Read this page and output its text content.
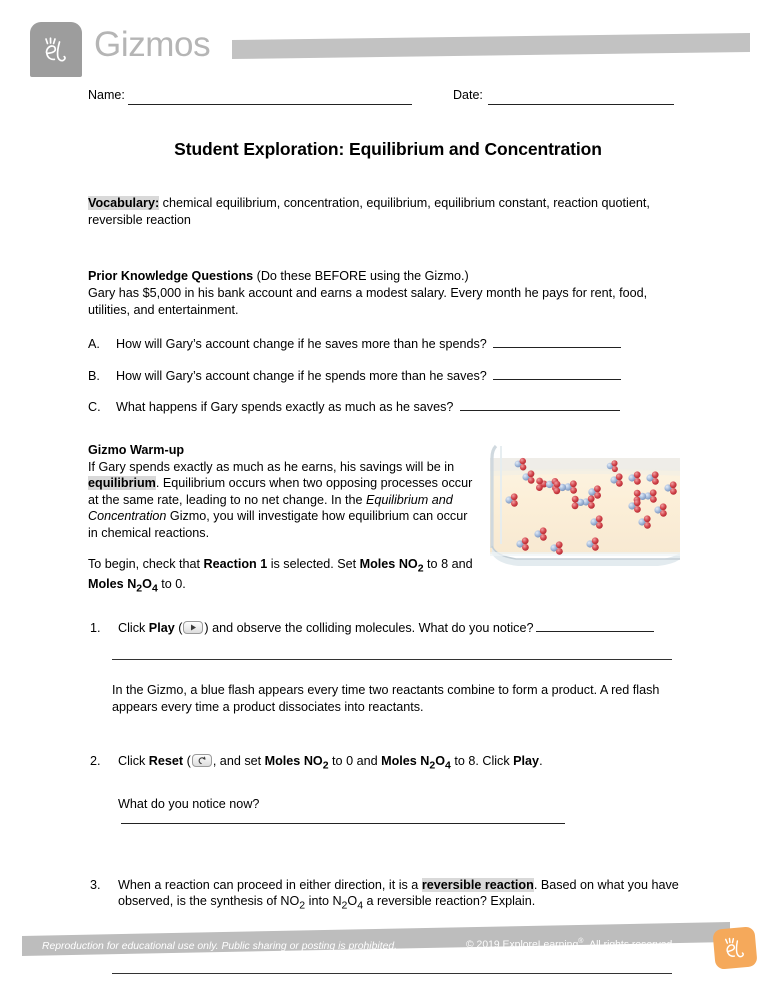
Gizmos
Name:	Date:
Student Exploration: Equilibrium and Concentration

Vocabulary: chemical equilibrium, concentration, equilibrium, equilibrium constant, reaction quotient, reversible reaction

Prior Knowledge Questions (Do these BEFORE using the Gizmo.)

Gary has $5,000 in his bank account and earns a modest salary. Every month he pays for rent, food, utilities, and entertainment.

A. How will Gary’s account change if he saves more than he spends?
B. How will Gary’s account change if he spends more than he saves?
C. What happens if Gary spends exactly as much as he saves?

Gizmo Warm-up

If Gary spends exactly as much as he earns, his savings will be in equilibrium. Equilibrium occurs when two opposing processes occur at the same rate, leading to no net change. In the Equilibrium and Concentration Gizmo, you will investigate how equilibrium can occur in chemical reactions.

To begin, check that Reaction 1 is selected. Set Moles $NO_2$ to 8 and Moles $N_2O_4$ to 0.

1. Click Play ( ) and observe the colliding molecules. What do you notice?

In the Gizmo, a blue flash appears every time two reactants combine to form a product. A red flash appears every time a product dissociates into reactants.

2. Click Reset ( , and set Moles $NO_2$ to 0 and Moles $N_2O_4$ to 8. Click Play.
What do you notice now?
3. When a reaction can proceed in either direction, it is a reversible reaction. Based on what you have observed, is the synthesis of $NO_2$ into $N_2O_4$ a reversible reaction? Explain.
Reproduction for educational use only. Public sharing or posting is prohibited.	© 2019 ExploreLearning® All rights reserved
